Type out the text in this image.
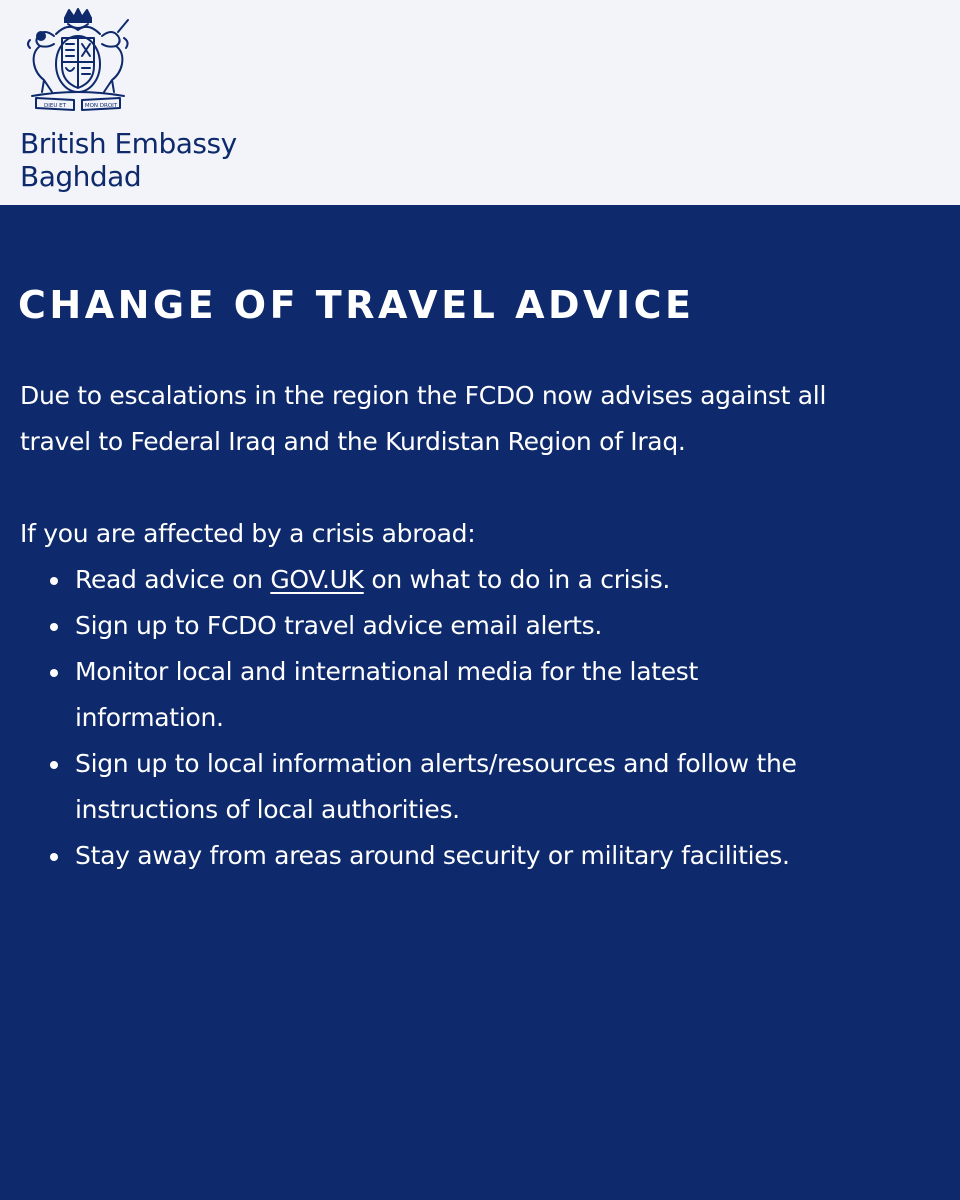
DIEU ET	MON DROIT
British Embassy
Baghdad
CHANGE OF TRAVEL ADVICE

Due to escalations in the region the FCDO now advises against all
travel to Federal Iraq and the Kurdistan Region of Iraq.

If you are affected by a crisis abroad:

Read advice on GOV.UK on what to do in a crisis.
Sign up to FCDO travel advice email alerts.
Monitor local and international media for the latest
information.
Sign up to local information alerts/resources and follow the
instructions of local authorities.
Stay away from areas around security or military facilities.
